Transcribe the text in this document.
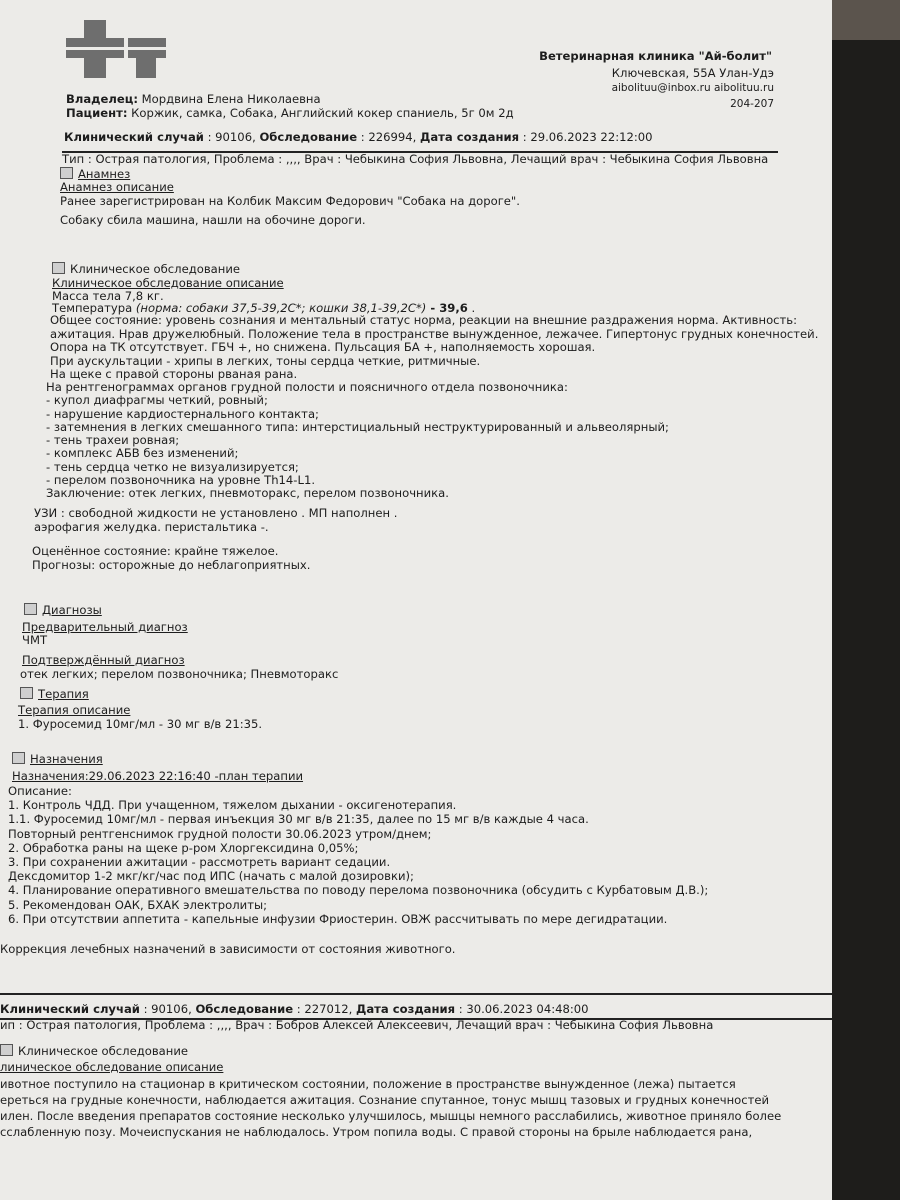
Ветеринарная клиника "Ай-болит"
Ключевская, 55А Улан-Удэ
aibolituu@inbox.ru aibolituu.ru
204-207
Владелец: Мордвина Елена Николаевна
Пациент: Коржик, самка, Собака, Английский кокер спаниель, 5г 0м 2д
Клинический случай : 90106, Обследование : 226994, Дата создания : 29.06.2023 22:12:00
Тип : Острая патология, Проблема : ,,,, Врач : Чебыкина София Львовна, Лечащий врач : Чебыкина София Львовна
Анамнез
Анамнез описание
Ранее зарегистрирован на Колбик Максим Федорович "Собака на дороге".
Собаку сбила машина, нашли на обочине дороги.
Клиническое обследование
Клиническое обследование описание
Масса тела 7,8 кг.
Температура (норма: собаки 37,5-39,2С*; кошки 38,1-39,2С*) - 39,6 .
Общее состояние: уровень сознания и ментальный статус норма, реакции на внешние раздражения норма. Активность:
ажитация. Нрав дружелюбный. Положение тела в пространстве вынужденное, лежачее. Гипертонус грудных конечностей.
Опора на ТК отсутствует. ГБЧ +, но снижена. Пульсация БА +, наполняемость хорошая.
При аускультации - хрипы в легких, тоны сердца четкие, ритмичные.
На щеке с правой стороны рваная рана.
На рентгенограммах органов грудной полости и поясничного отдела позвоночника:
- купол диафрагмы четкий, ровный;
- нарушение кардиостернального контакта;
- затемнения в легких смешанного типа: интерстициальный неструктурированный и альвеолярный;
- тень трахеи ровная;
- комплекс АБВ без изменений;
- тень сердца четко не визуализируется;
- перелом позвоночника на уровне Th14-L1.
Заключение: отек легких, пневмоторакс, перелом позвоночника.
УЗИ : свободной жидкости не установлено . МП наполнен .
аэрофагия желудка. перистальтика -.
Оценённое состояние: крайне тяжелое.
Прогнозы: осторожные до неблагоприятных.
Диагнозы
Предварительный диагноз
ЧМТ
Подтверждённый диагноз
отек легких; перелом позвоночника; Пневмоторакс
Терапия
Терапия описание
1. Фуросемид 10мг/мл - 30 мг в/в 21:35.
Назначения
Назначения:29.06.2023 22:16:40 -план терапии
Описание:
1. Контроль ЧДД. При учащенном, тяжелом дыхании - оксигенотерапия.
1.1. Фуросемид 10мг/мл - первая инъекция 30 мг в/в 21:35, далее по 15 мг в/в каждые 4 часа.
Повторный рентгенснимок грудной полости 30.06.2023 утром/днем;
2. Обработка раны на щеке р-ром Хлоргексидина 0,05%;
3. При сохранении ажитации - рассмотреть вариант седации.
Дексдомитор 1-2 мкг/кг/час под ИПС (начать с малой дозировки);
4. Планирование оперативного вмешательства по поводу перелома позвоночника (обсудить с Курбатовым Д.В.);
5. Рекомендован ОАК, БХАК электролиты;
6. При отсутствии аппетита - капельные инфузии Фриостерин. ОВЖ рассчитывать по мере дегидратации.
Коррекция лечебных назначений в зависимости от состояния животного.
Клинический случай : 90106, Обследование : 227012, Дата создания : 30.06.2023 04:48:00
ип : Острая патология, Проблема : ,,,, Врач : Бобров Алексей Алексеевич, Лечащий врач : Чебыкина София Львовна
Клиническое обследование
линическое обследование описание
ивотное поступило на стационар в критическом состоянии, положение в пространстве вынужденное (лежа) пытается
ереться на грудные конечности, наблюдается ажитация. Сознание спутанное, тонус мышц тазовых и грудных конечностей
илен. После введения препаратов состояние несколько улучшилось, мышцы немного расслабились, животное приняло более
сслабленную позу. Мочеиспускания не наблюдалось. Утром попила воды. С правой стороны на брыле наблюдается рана,
